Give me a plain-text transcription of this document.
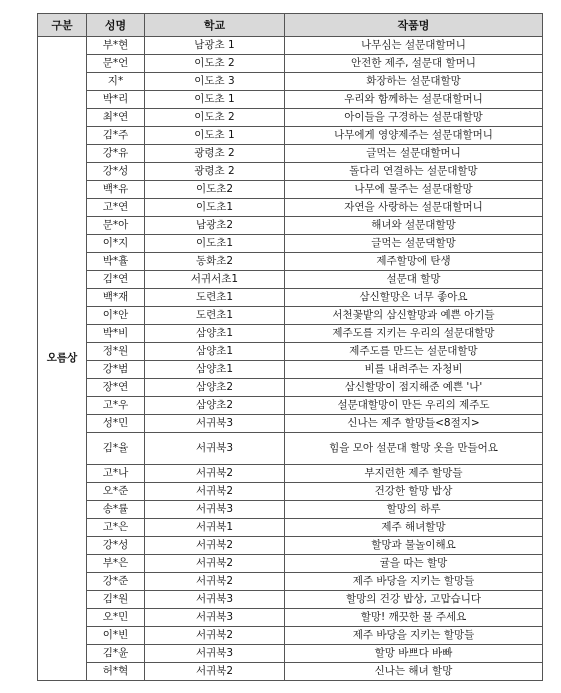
구분	성명	학교	작품명
오름상	부*현	남광초 1	나무심는 설문대할머니
	문*언	이도초 2	안전한 제주, 설문대 할머니
	지*	이도초 3	화장하는 설문대할망
	박*리	이도초 1	우리와 함께하는 설문대할머니
	최*연	이도초 2	아이들을 구경하는 설문대할망
	김*주	이도초 1	나무에게 영양제주는 설문대할머니
	강*유	광령초 2	글먹는 설문대할머니
	강*성	광령초 2	돌다리 연결하는 설문대할망
	백*유	이도초2	나무에 물주는 설문대할망
	고*연	이도초1	자연을 사랑하는 설문대할머니
	문*아	남광초2	해녀와 설문대할망
	이*지	이도초1	글먹는 설문댁할망
	박*휼	동화초2	제주할망에 탄생
	김*연	서귀서초1	설문대 할망
	백*재	도련초1	삼신할망은 너무 좋아요
	이*안	도련초1	서천꽃밭의 삼신할망과 예쁜 아기들
	박*비	삼양초1	제주도를 지키는 우리의 설문대할망
	정*원	삼양초1	제주도를 만드는 설문대할망
	강*범	삼양초1	비를 내려주는 자청비
	장*연	삼양초2	삼신할망이 점지해준 예쁜 '나'
	고*우	삼양초2	설문대할망이 만든 우리의 제주도
	성*민	서귀북3	신나는 제주 할망들<8절지>
	김*율	서귀북3	힘을 모아 설문대 할망 옷을 만들어요

	고*나	서귀북2	부지런한 제주 할망들
	오*준	서귀북2	건강한 할망 밥상
	송*률	서귀북3	할망의 하루
	고*은	서귀북1	제주 해녀할망
	강*성	서귀북2	할망과 물놀이해요
	부*은	서귀북2	귤을 따는 할망
	강*준	서귀북2	제주 바당을 지키는 할망들
	김*원	서귀북3	할망의 건강 밥상, 고맙습니다
	오*민	서귀북3	할망! 깨끗한 물 주세요
	이*빈	서귀북2	제주 바당을 지키는 할망들
	김*윤	서귀북3	할망 바쁘다 바빠
	허*혁	서귀북2	신나는 해녀 할망
